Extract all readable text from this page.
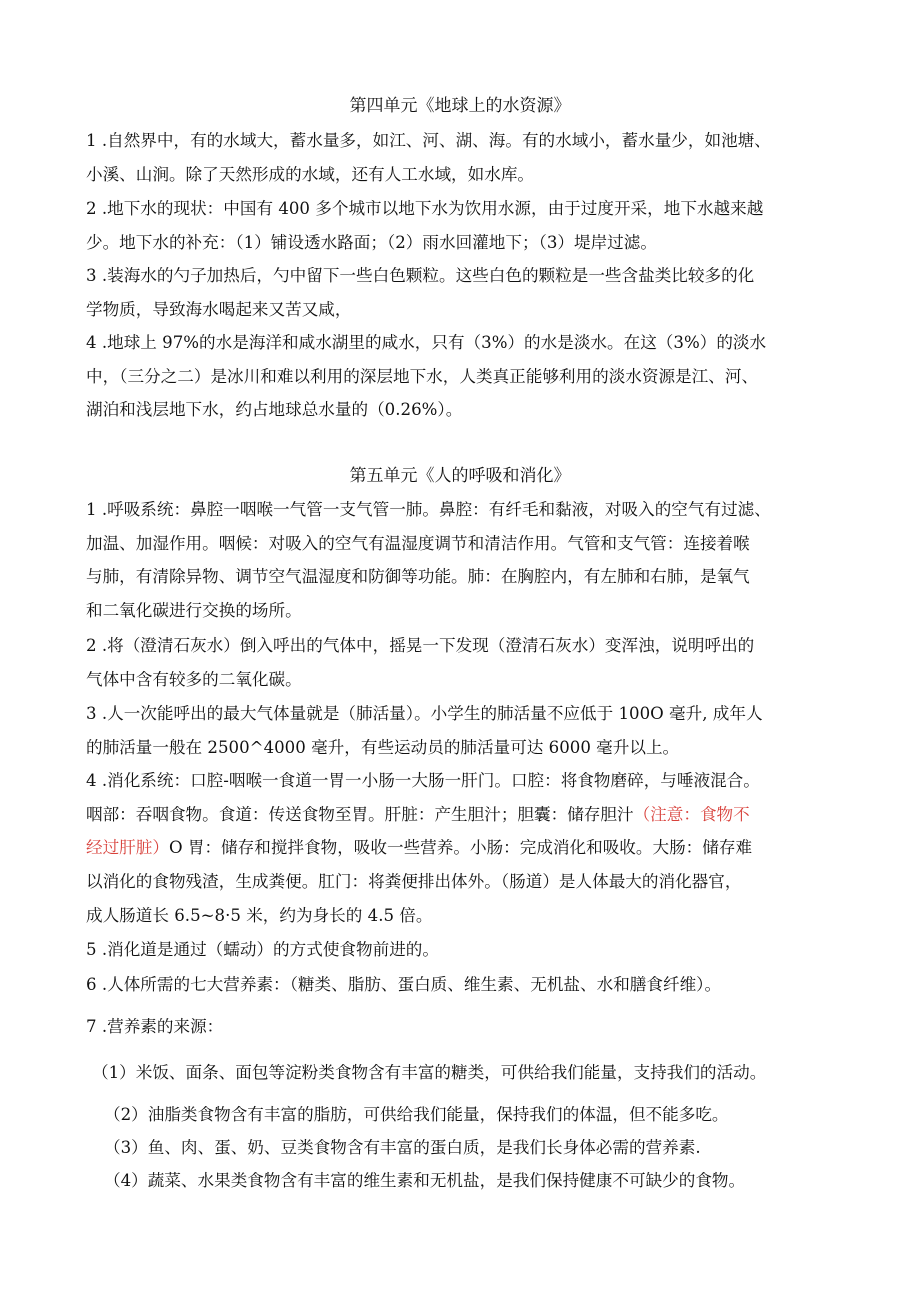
第四单元《地球上的水资源》
1 .自然界中，有的水域大，蓄水量多，如江、河、湖、海。有的水域小，蓄水量少，如池塘、
小溪、山涧。除了天然形成的水域，还有人工水域，如水库。
2 .地下水的现状：中国有 400 多个城市以地下水为饮用水源，由于过度开采，地下水越来越
少。地下水的补充：（1）铺设透水路面；（2）雨水回灌地下；（3）堤岸过滤。
3 .装海水的勺子加热后，勺中留下一些白色颗粒。这些白色的颗粒是一些含盐类比较多的化
学物质，导致海水喝起来又苦又咸，
4 .地球上 97%的水是海洋和咸水湖里的咸水，只有（3%）的水是淡水。在这（3%）的淡水
中，（三分之二）是冰川和难以利用的深层地下水，人类真正能够利用的淡水资源是江、河、
湖泊和浅层地下水，约占地球总水量的（0.26%）。
第五单元《人的呼吸和消化》
1 .呼吸系统：鼻腔一咽喉一气管一支气管一肺。鼻腔：有纤毛和黏液，对吸入的空气有过滤、
加温、加湿作用。咽候：对吸入的空气有温湿度调节和清洁作用。气管和支气管：连接着喉
与肺，有清除异物、调节空气温湿度和防御等功能。肺：在胸腔内，有左肺和右肺，是氧气
和二氧化碳进行交换的场所。
2 .将（澄清石灰水）倒入呼出的气体中，摇晃一下发现（澄清石灰水）变浑浊，说明呼出的
气体中含有较多的二氧化碳。
3 .人一次能呼出的最大气体量就是（肺活量）。小学生的肺活量不应低于 100O 毫升, 成年人
的肺活量一般在 2500^4000 毫升，有些运动员的肺活量可达 6000 毫升以上。
4 .消化系统：口腔-咽喉一食道一胃一小肠一大肠一肝门。口腔：将食物磨碎，与唾液混合。
咽部：吞咽食物。食道：传送食物至胃。肝脏：产生胆汁；胆囊：储存胆汁（注意：食物不
经过肝脏）O 胃：储存和搅拌食物，吸收一些营养。小肠：完成消化和吸收。大肠：储存难
以消化的食物残渣，生成粪便。肛门：将粪便排出体外。（肠道）是人体最大的消化器官，
成人肠道长 6.5~8·5 米，约为身长的 4.5 倍。
5 .消化道是通过（蠕动）的方式使食物前进的。
6 .人体所需的七大营养素：（糖类、脂肪、蛋白质、维生素、无机盐、水和膳食纤维）。
7 .营养素的来源：
（1）米饭、面条、面包等淀粉类食物含有丰富的糖类，可供给我们能量，支持我们的活动。
（2）油脂类食物含有丰富的脂肪，可供给我们能量，保持我们的体温，但不能多吃。
（3）鱼、肉、蛋、奶、豆类食物含有丰富的蛋白质，是我们长身体必需的营养素.
（4）蔬菜、水果类食物含有丰富的维生素和无机盐，是我们保持健康不可缺少的食物。
